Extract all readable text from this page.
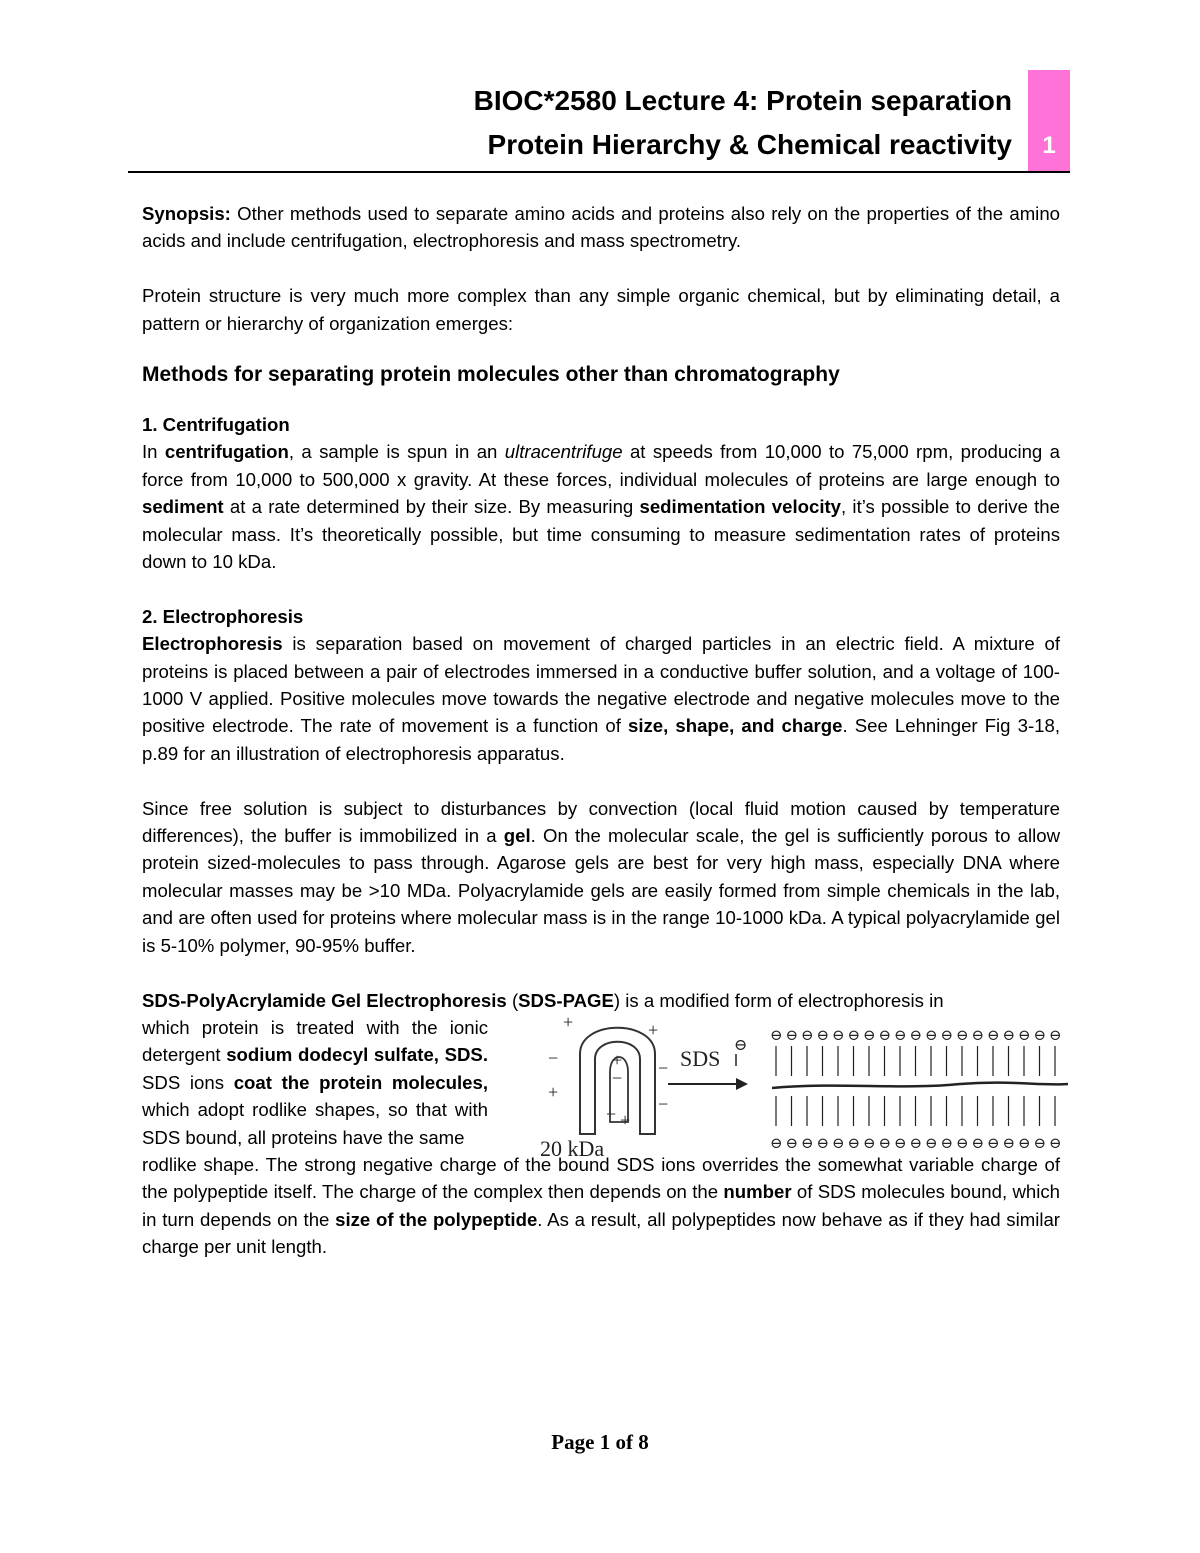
BIOC*2580 Lecture 4: Protein separation
Protein Hierarchy & Chemical reactivity	1

Synopsis: Other methods used to separate amino acids and proteins also rely on the properties of the amino acids and include centrifugation, electrophoresis and mass spectrometry.

Protein structure is very much more complex than any simple organic chemical, but by eliminating detail, a pattern or hierarchy of organization emerges:

Methods for separating protein molecules other than chromatography

1. Centrifugation

In centrifugation, a sample is spun in an ultracentrifuge at speeds from 10,000 to 75,000 rpm, producing a force from 10,000 to 500,000 x gravity. At these forces, individual molecules of proteins are large enough to sediment at a rate determined by their size. By measuring sedimentation velocity, it’s possible to derive the molecular mass. It’s theoretically possible, but time consuming to measure sedimentation rates of proteins down to 10 kDa.

2. Electrophoresis

Electrophoresis is separation based on movement of charged particles in an electric field. A mixture of proteins is placed between a pair of electrodes immersed in a conductive buffer solution, and a voltage of 100-1000 V applied. Positive molecules move towards the negative electrode and negative molecules move to the positive electrode. The rate of movement is a function of size, shape, and charge. See Lehninger Fig 3-18, p.89 for an illustration of electrophoresis apparatus.

Since free solution is subject to disturbances by convection (local fluid motion caused by temperature differences), the buffer is immobilized in a gel. On the molecular scale, the gel is sufficiently porous to allow protein sized-molecules to pass through. Agarose gels are best for very high mass, especially DNA where molecular masses may be >10 MDa. Polyacrylamide gels are easily formed from simple chemicals in the lab, and are often used for proteins where molecular mass is in the range 10-1000 kDa. A typical polyacrylamide gel is 5-10% polymer, 90-95% buffer.

SDS-PolyAcrylamide Gel Electrophoresis (SDS-PAGE) is a modified form of electrophoresis in

which protein is treated with the ionic detergent sodium dodecyl sulfate, SDS. SDS ions coat the protein molecules, which adopt rodlike shapes, so that with SDS bound, all proteins have the same

+	+
−	+
− −
+
−
− +
20 kDa
SDS
⊖
⊖
⊖
⊖
⊖
⊖
⊖
⊖
⊖
⊖
⊖
⊖
⊖
⊖
⊖
⊖
⊖
⊖
⊖
⊖
⊖
⊖
⊖
⊖
⊖
⊖
⊖
⊖
⊖
⊖
⊖
⊖
⊖
⊖
⊖
⊖
⊖
⊖
⊖

rodlike shape. The strong negative charge of the bound SDS ions overrides the somewhat variable charge of the polypeptide itself. The charge of the complex then depends on the number of SDS molecules bound, which in turn depends on the size of the polypeptide. As a result, all polypeptides now behave as if they had similar charge per unit length.

Page 1 of 8
